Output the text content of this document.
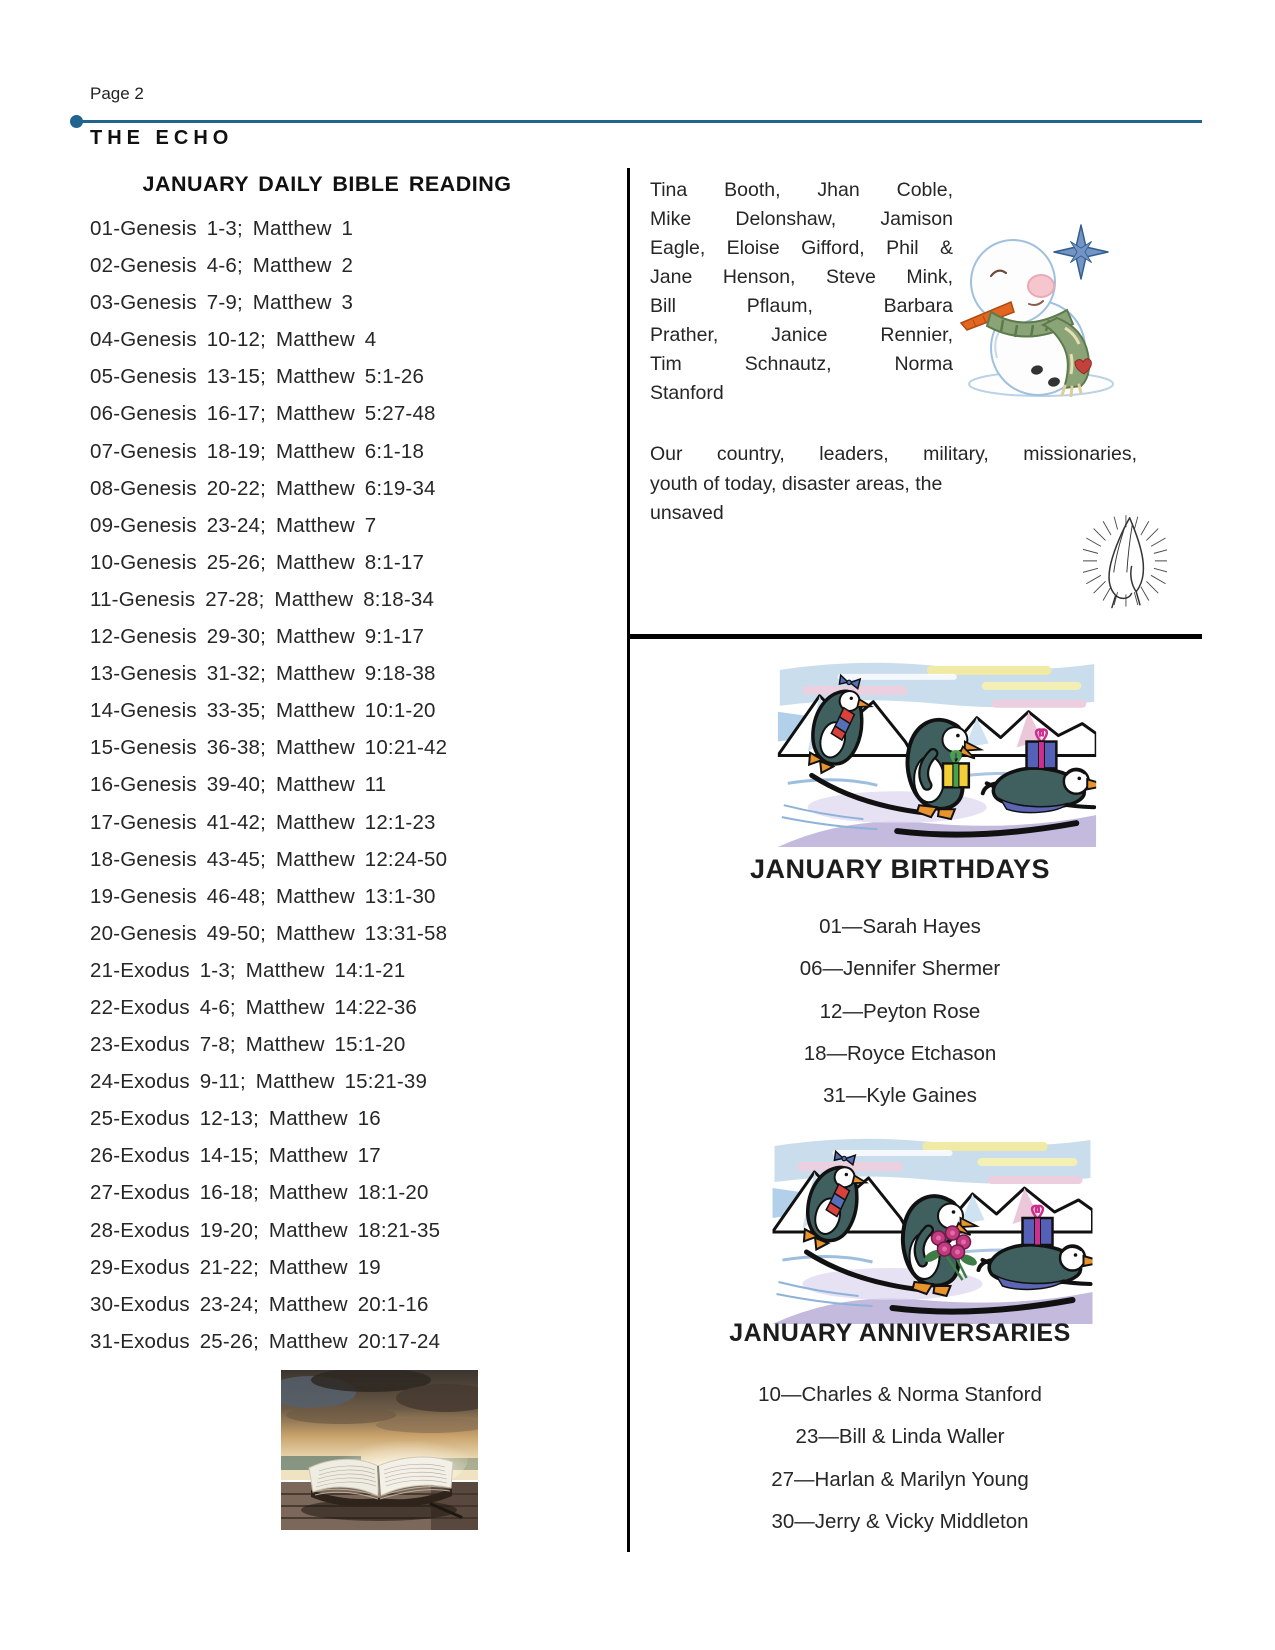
Page 2
THE ECHO
JANUARY DAILY BIBLE READING
01-Genesis 1-3; Matthew 1
02-Genesis 4-6; Matthew 2
03-Genesis 7-9; Matthew 3
04-Genesis 10-12; Matthew 4
05-Genesis 13-15; Matthew 5:1-26
06-Genesis 16-17; Matthew 5:27-48
07-Genesis 18-19; Matthew 6:1-18
08-Genesis 20-22; Matthew 6:19-34
09-Genesis 23-24; Matthew 7
10-Genesis 25-26; Matthew 8:1-17
11-Genesis 27-28; Matthew 8:18-34
12-Genesis 29-30; Matthew 9:1-17
13-Genesis 31-32; Matthew 9:18-38
14-Genesis 33-35; Matthew 10:1-20
15-Genesis 36-38; Matthew 10:21-42
16-Genesis 39-40; Matthew 11
17-Genesis 41-42; Matthew 12:1-23
18-Genesis 43-45; Matthew 12:24-50
19-Genesis 46-48; Matthew 13:1-30
20-Genesis 49-50; Matthew 13:31-58
21-Exodus 1-3; Matthew 14:1-21
22-Exodus 4-6; Matthew 14:22-36
23-Exodus 7-8; Matthew 15:1-20
24-Exodus 9-11; Matthew 15:21-39
25-Exodus 12-13; Matthew 16
26-Exodus 14-15; Matthew 17
27-Exodus 16-18; Matthew 18:1-20
28-Exodus 19-20; Matthew 18:21-35
29-Exodus 21-22; Matthew 19
30-Exodus 23-24; Matthew 20:1-16
31-Exodus 25-26; Matthew 20:17-24
Tina Booth, Jhan Coble,
Mike Delonshaw, Jamison
Eagle, Eloise Gifford, Phil &
Jane Henson, Steve Mink,
Bill Pflaum, Barbara
Prather, Janice Rennier,
Tim Schnautz, Norma
Stanford
Our country, leaders, military, missionaries,
youth of today, disaster areas, the
unsaved
JANUARY BIRTHDAYS
01—Sarah Hayes
06—Jennifer Shermer
12—Peyton Rose
18—Royce Etchason
31—Kyle Gaines
JANUARY ANNIVERSARIES
10—Charles & Norma Stanford
23—Bill & Linda Waller
27—Harlan & Marilyn Young
30—Jerry & Vicky Middleton
